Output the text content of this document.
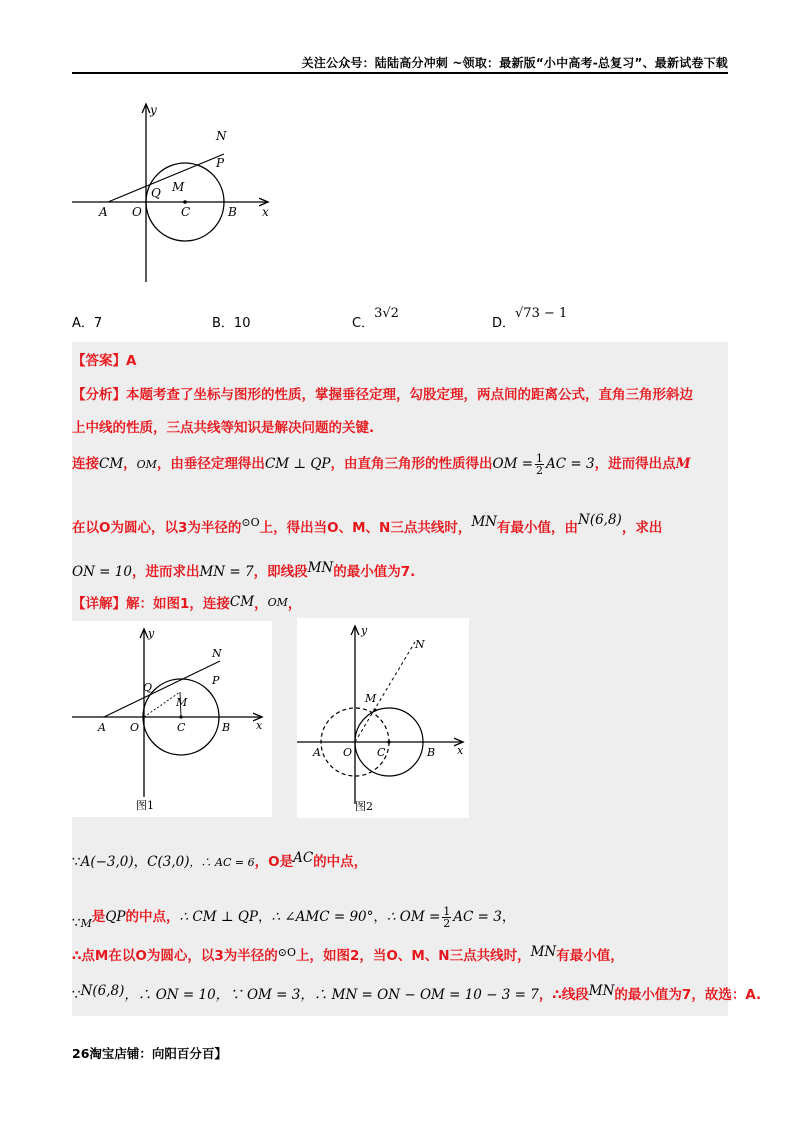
关注公众号：陆陆高分冲刺 ~领取：最新版“小中高考-总复习”、最新试卷下载
y
x
N
P
Q M
A O	C	B
A．7	B．10	C．3√2
D．√73 − 1
【答案】A
【分析】本题考查了坐标与图形的性质，掌握垂径定理，勾股定理，两点间的距离公式，直角三角形斜边
上中线的性质，三点共线等知识是解决问题的关键.
连接CM，OM，由垂径定理得出CM ⊥ QP，由直角三角形的性质得出OM = $\frac{1}{2}$ AC = 3，进而得出点M
在以O为圆心，以3为半径的$^{⊙O}$上，得出当O、M、N三点共线时，MN有最小值，由N(6,8)，求出
ON = 10，进而求出MN = 7，即线段MN的最小值为7.
【详解】解：如图1，连接CM，OM，
y
x
N
P
Q
M
A O	C	B
图1
y
x
N
M
A O C	B
图2
∵A(−3,0)，C(3,0)，∴ AC = 6，O是AC的中点，
$\because_M$是QP的中点，∴ CM ⊥ QP，∴ ∠AMC = 90°，∴ OM = $\frac{1}{2}$ AC = 3，
∴点M在以O为圆心，以3为半径的$^{⊙O}$上，如图2，当O、M、N三点共线时，MN有最小值，
∵N(6,8)，∴ ON = 10，∵ OM = 3，∴ MN = ON − OM = 10 − 3 = 7，∴线段MN的最小值为7，故选：A.
26淘宝店铺：向阳百分百】
